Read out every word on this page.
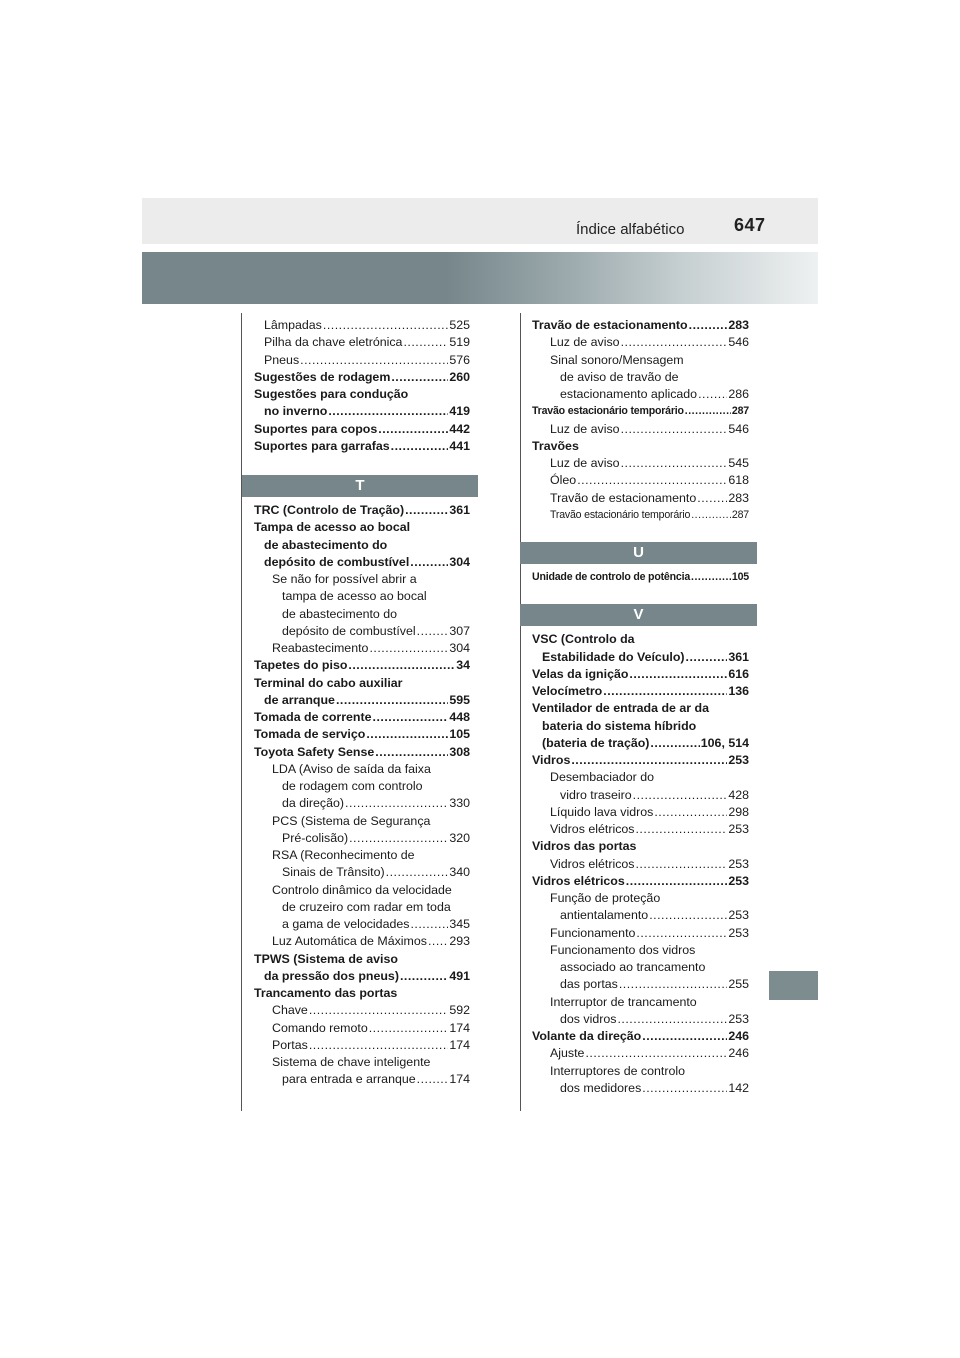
Índice alfabético	647
Lâmpadas .....	525
Pilha da chave eletrónica .....	519
Pneus .....	576
Sugestões de rodagem .....	260
Sugestões para condução
no inverno .....	419
Suportes para copos .....	442
Suportes para garrafas .....	441
T
TRC (Controlo de Tração) .....	361
Tampa de acesso ao bocal
de abastecimento do
depósito de combustível .....	304
Se não for possível abrir a
tampa de acesso ao bocal
de abastecimento do
depósito de combustível .....	307
Reabastecimento .....	304
Tapetes do piso .....	34
Terminal do cabo auxiliar
de arranque .....	595
Tomada de corrente .....	448
Tomada de serviço .....	105
Toyota Safety Sense .....	308
LDA (Aviso de saída da faixa
de rodagem com controlo
da direção) .....	330
PCS (Sistema de Segurança
Pré-colisão) .....	320
RSA (Reconhecimento de
Sinais de Trânsito) .....	340
Controlo dinâmico da velocidade
de cruzeiro com radar em toda
a gama de velocidades .....	345
Luz Automática de Máximos ..... 293
TPWS (Sistema de aviso
da pressão dos pneus) .....	491
Trancamento das portas
Chave .....	592
Comando remoto .....	174
Portas .....	174
Sistema de chave inteligente
para entrada e arranque .....	174
Travão de estacionamento .....	283
Luz de aviso .....	546
Sinal sonoro/Mensagem
de aviso de travão de
estacionamento aplicado .....	286
Travão estacionário temporário .....	287
Luz de aviso .....	546
Travões
Luz de aviso .....	545
Óleo .....	618
Travão de estacionamento .....	283
Travão estacionário temporário .....	287
U
Unidade de controlo de potência .....	105
V
VSC (Controlo da
Estabilidade do Veículo) .....	361
Velas da ignição .....	616
Velocímetro .....	136
Ventilador de entrada de ar da
bateria do sistema híbrido
(bateria de tração) .....	106, 514
Vidros .....	253
Desembaciador do
vidro traseiro .....	428
Líquido lava vidros .....	298
Vidros elétricos .....	253
Vidros das portas
Vidros elétricos .....	253
Vidros elétricos .....	253
Função de proteção
antientalamento .....	253
Funcionamento .....	253
Funcionamento dos vidros
associado ao trancamento
das portas .....	255
Interruptor de trancamento
dos vidros .....	253
Volante da direção .....	246
Ajuste .....	246
Interruptores de controlo
dos medidores .....	142
